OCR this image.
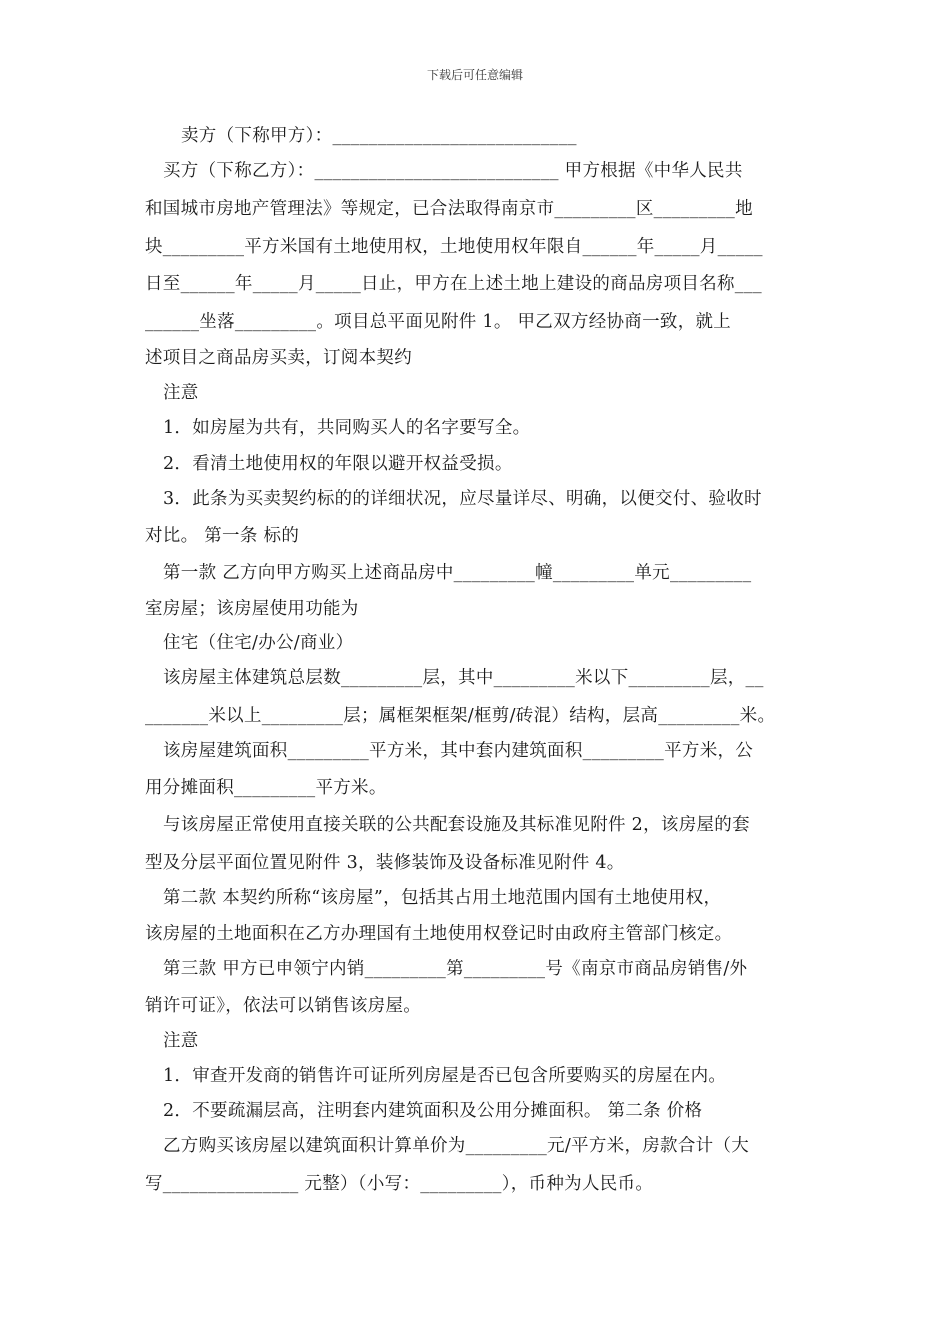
下载后可任意编辑
卖方（下称甲方）：___________________________
买方（下称乙方）：___________________________ 甲方根据《中华人民共
和国城市房地产管理法》等规定，已合法取得南京市_________区_________地
块_________平方米国有土地使用权，土地使用权年限自______年_____月_____
日至______年_____月_____日止，甲方在上述土地上建设的商品房项目名称___
______坐落_________。项目总平面见附件 1。 甲乙双方经协商一致，就上
述项目之商品房买卖，订阅本契约
注意
1．如房屋为共有，共同购买人的名字要写全。
2．看清土地使用权的年限以避开权益受损。
3．此条为买卖契约标的的详细状况，应尽量详尽、明确，以便交付、验收时
对比。 第一条 标的
第一款 乙方向甲方购买上述商品房中_________幢_________单元_________
室房屋；该房屋使用功能为
住宅（住宅/办公/商业）
该房屋主体建筑总层数_________层，其中_________米以下_________层，__
_______米以上_________层；属框架框架/框剪/砖混）结构，层高_________米。
该房屋建筑面积_________平方米，其中套内建筑面积_________平方米，公
用分摊面积_________平方米。
与该房屋正常使用直接关联的公共配套设施及其标准见附件 2，该房屋的套
型及分层平面位置见附件 3，装修装饰及设备标准见附件 4。
第二款 本契约所称“该房屋”，包括其占用土地范围内国有土地使用权，
该房屋的土地面积在乙方办理国有土地使用权登记时由政府主管部门核定。
第三款 甲方已申领宁内销_________第_________号《南京市商品房销售/外
销许可证》，依法可以销售该房屋。
注意
1．审查开发商的销售许可证所列房屋是否已包含所要购买的房屋在内。
2．不要疏漏层高，注明套内建筑面积及公用分摊面积。 第二条 价格
乙方购买该房屋以建筑面积计算单价为_________元/平方米，房款合计（大
写_______________ 元整）（小写：_________），币种为人民币。
